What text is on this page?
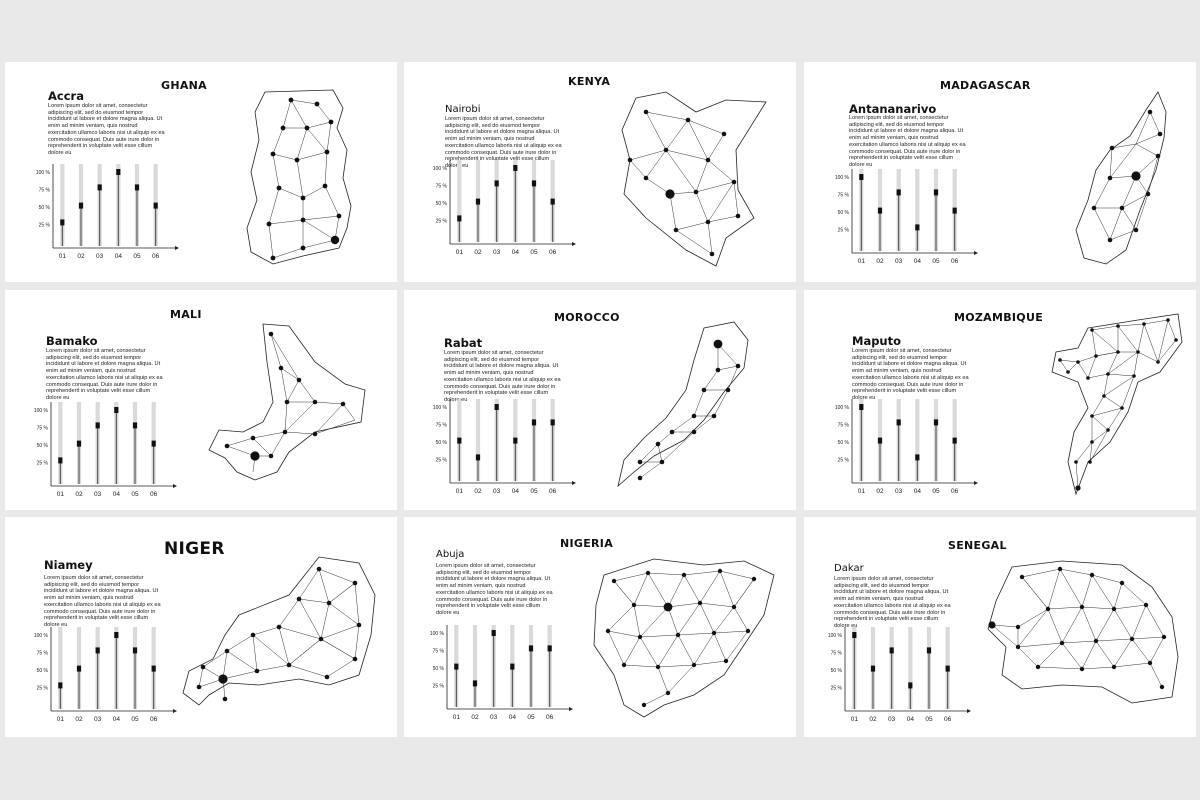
GHANA
Accra
Lorem ipsum dolor sit amet, consectetur adipiscing elit, sed do eiusmod tempor incididunt ut labore et dolore magna aliqua. Ut enim ad minim veniam, quis nostrud exercitation ullamco laboris nisi ut aliquip ex ea commodo consequat. Duis aute irure dolor in reprehenderit in voluptate velit esse cillum dolore eu
100 %
75 %
50 %
25 %
01 02 03 04 05 06
KENYA
Nairobi
Lorem ipsum dolor sit amet, consectetur adipiscing elit, sed do eiusmod tempor incididunt ut labore et dolore magna aliqua. Ut enim ad minim veniam, quis nostrud exercitation ullamco laboris nisi ut aliquip ex ea commodo consequat. Duis aute irure dolor in reprehenderit in voluptate velit esse cillum dolore eu
100 %
75 %
50 %
25 %
01 02 03 04 05 06
MADAGASCAR
Antananarivo
Lorem ipsum dolor sit amet, consectetur adipiscing elit, sed do eiusmod tempor incididunt ut labore et dolore magna aliqua. Ut enim ad minim veniam, quis nostrud exercitation ullamco laboris nisi ut aliquip ex ea commodo consequat. Duis aute irure dolor in reprehenderit in voluptate velit esse cillum dolore eu
100 %
75 %
50 %
25 %
01 02 03 04 05 06
MALI
Bamako
Lorem ipsum dolor sit amet, consectetur adipiscing elit, sed do eiusmod tempor incididunt ut labore et dolore magna aliqua. Ut enim ad minim veniam, quis nostrud exercitation ullamco laboris nisi ut aliquip ex ea commodo consequat. Duis aute irure dolor in reprehenderit in voluptate velit esse cillum dolore eu
100 %
75 %
50 %
25 %
01 02 03 04 05 06
MOROCCO
Rabat
Lorem ipsum dolor sit amet, consectetur adipiscing elit, sed do eiusmod tempor incididunt ut labore et dolore magna aliqua. Ut enim ad minim veniam, quis nostrud exercitation ullamco laboris nisi ut aliquip ex ea commodo consequat. Duis aute irure dolor in reprehenderit in voluptate velit esse cillum dolore eu
100 %
75 %
50 %
25 %
01 02 03 04 05 06
MOZAMBIQUE
Maputo
Lorem ipsum dolor sit amet, consectetur adipiscing elit, sed do eiusmod tempor incididunt ut labore et dolore magna aliqua. Ut enim ad minim veniam, quis nostrud exercitation ullamco laboris nisi ut aliquip ex ea commodo consequat. Duis aute irure dolor in reprehenderit in voluptate velit esse cillum dolore eu
100 %
75 %
50 %
25 %
01 02 03 04 05 06
NIGER
Niamey
Lorem ipsum dolor sit amet, consectetur adipiscing elit, sed do eiusmod tempor incididunt ut labore et dolore magna aliqua. Ut enim ad minim veniam, quis nostrud exercitation ullamco laboris nisi ut aliquip ex ea commodo consequat. Duis aute irure dolor in reprehenderit in voluptate velit esse cillum dolore eu
100 %
75 %
50 %
25 %
01 02 03 04 05 06
NIGERIA
Abuja
Lorem ipsum dolor sit amet, consectetur adipiscing elit, sed do eiusmod tempor incididunt ut labore et dolore magna aliqua. Ut enim ad minim veniam, quis nostrud exercitation ullamco laboris nisi ut aliquip ex ea commodo consequat. Duis aute irure dolor in reprehenderit in voluptate velit esse cillum dolore eu
100 %
75 %
50 %
25 %
01 02 03 04 05 06
SENEGAL
Dakar
Lorem ipsum dolor sit amet, consectetur adipiscing elit, sed do eiusmod tempor incididunt ut labore et dolore magna aliqua. Ut enim ad minim veniam, quis nostrud exercitation ullamco laboris nisi ut aliquip ex ea commodo consequat. Duis aute irure dolor in reprehenderit in voluptate velit esse cillum dolore eu
100 %
75 %
50 %
25 %
01 02 03 04 05 06
